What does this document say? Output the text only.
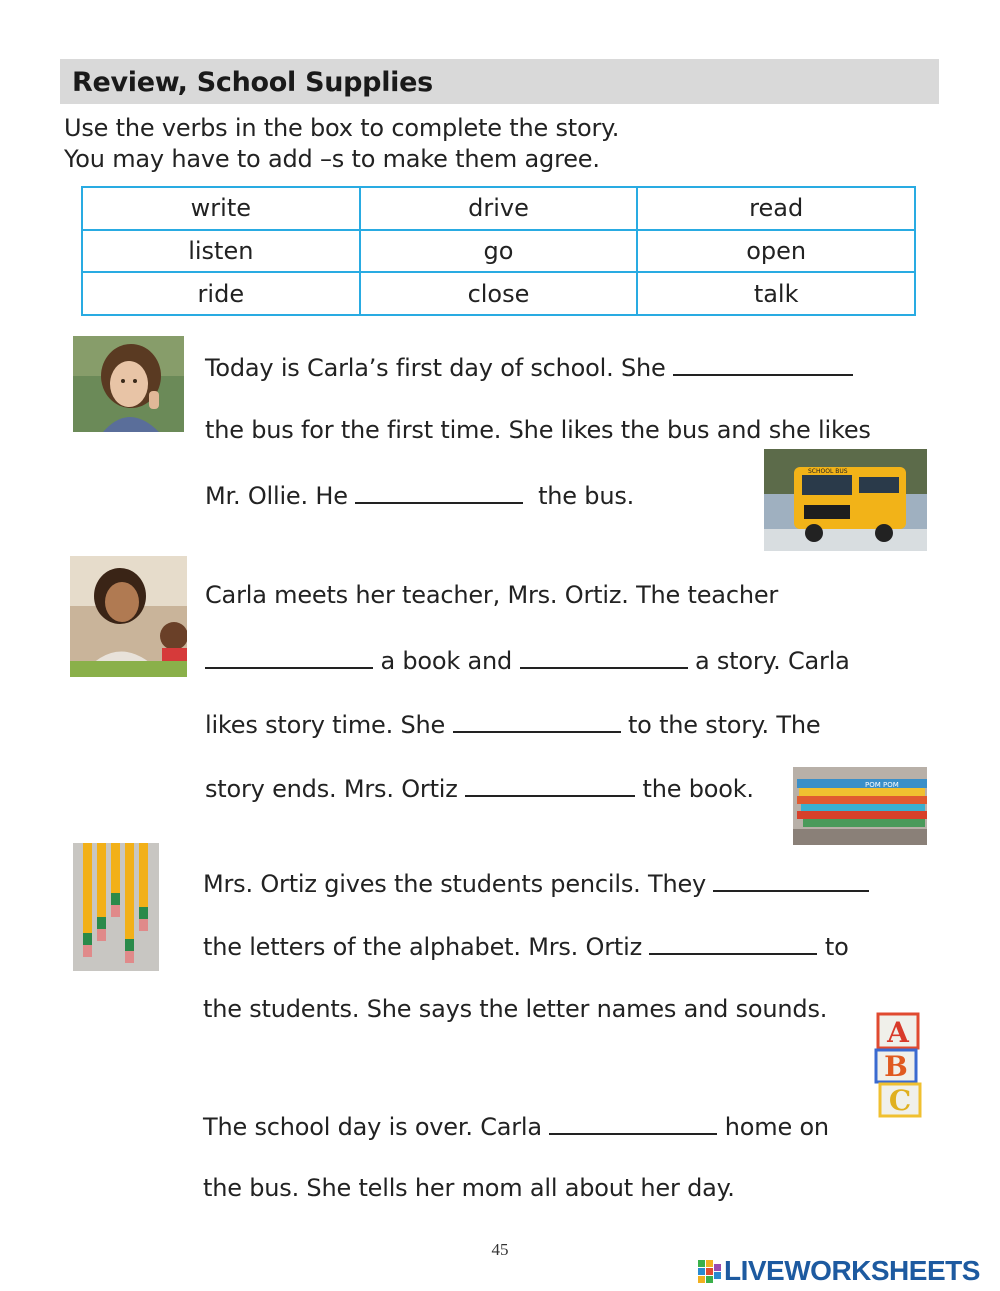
Review, School Supplies
Use the verbs in the box to complete the story.
You may have to add –s to make them agree.
write	drive	read
listen	go	open
ride	close	talk
Today is Carla’s first day of school. She
the bus for the first time. She likes the bus and she likes
Mr. Ollie. He	the bus.
SCHOOL BUS
Carla meets her teacher, Mrs. Ortiz. The teacher
a book and	a story. Carla
likes story time. She	to the story. The
story ends. Mrs. Ortiz	the book.	POM POM
Mrs. Ortiz gives the students pencils. They
the letters of the alphabet. Mrs. Ortiz	to
the students. She says the letter names and sounds.
A
B
C
The school day is over. Carla	home on
the bus. She tells her mom all about her day.
45
LIVEWORKSHEETS
